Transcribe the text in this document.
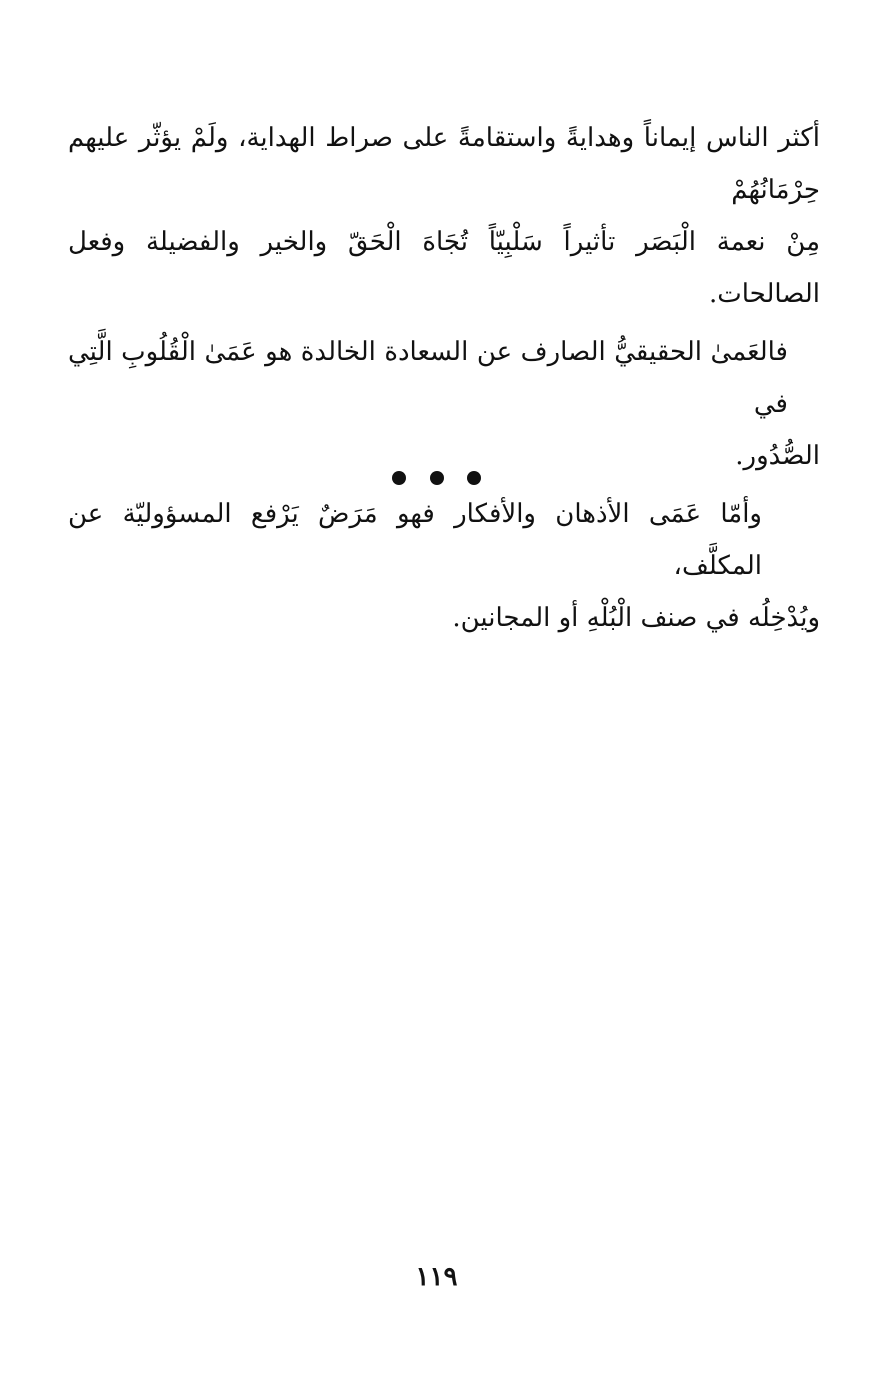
أكثر الناس إيماناً وهدايةً واستقامةً على صراط الهداية، ولَمْ يؤثّر عليهم حِرْمَانُهُمْ
مِنْ نعمة الْبَصَر تأثيراً سَلْبِيّاً تُجَاهَ الْحَقّ والخير والفضيلة وفعل الصالحات.

فالعَمىٰ الحقيقيُّ الصارف عن السعادة الخالدة هو عَمَىٰ الْقُلُوبِ الَّتِي في
الصُّدُور.

وأمّا عَمَى الأذهان والأفكار فهو مَرَضٌ يَرْفع المسؤوليّة عن المكلَّف،
ويُدْخِلُه في صنف الْبُلْهِ أو المجانين.

١١٩
